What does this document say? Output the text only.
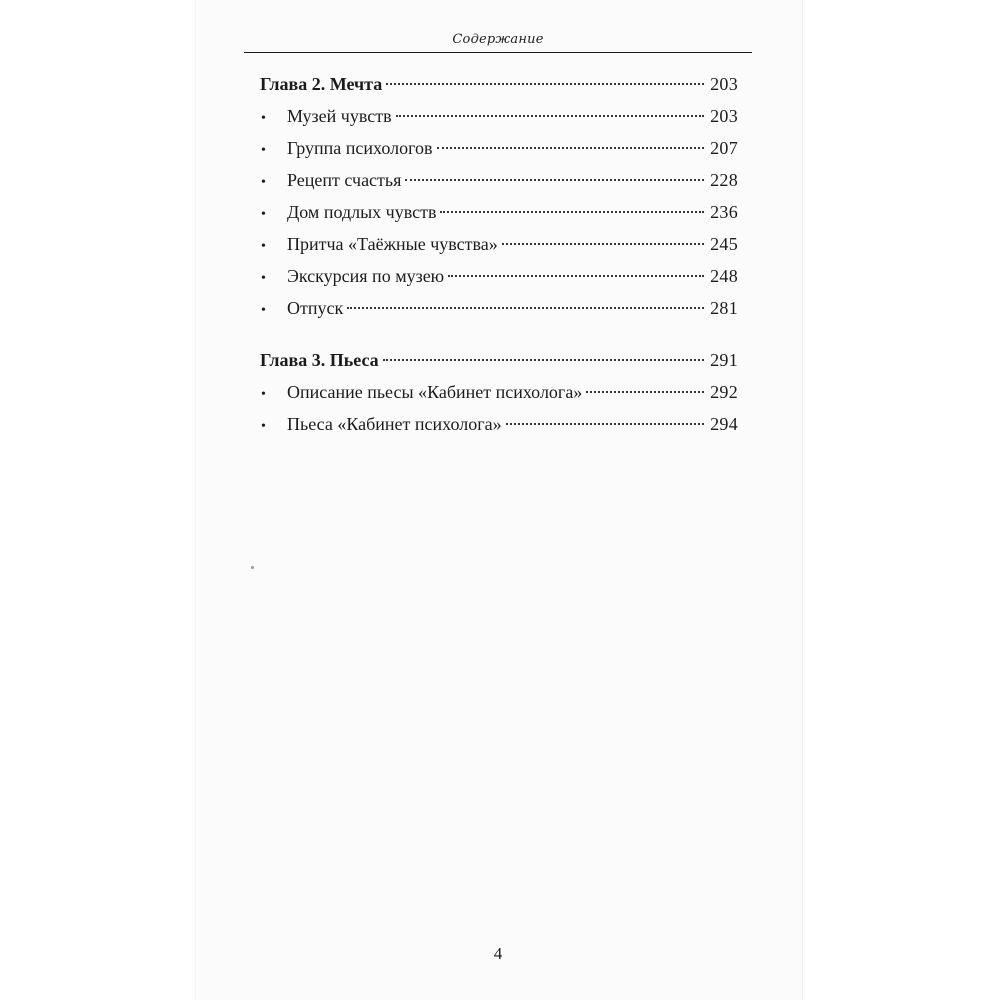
Содержание
Глава 2. Мечта	203
•	Музей чувств	203
•	Группа психологов	207
•	Рецепт счастья	228
•	Дом подлых чувств	236
•	Притча «Таёжные чувства»	245
•	Экскурсия по музею	248
•	Отпуск	281
Глава 3. Пьеса	291
•	Описание пьесы «Кабинет психолога»	292
•	Пьеса «Кабинет психолога»	294
4
